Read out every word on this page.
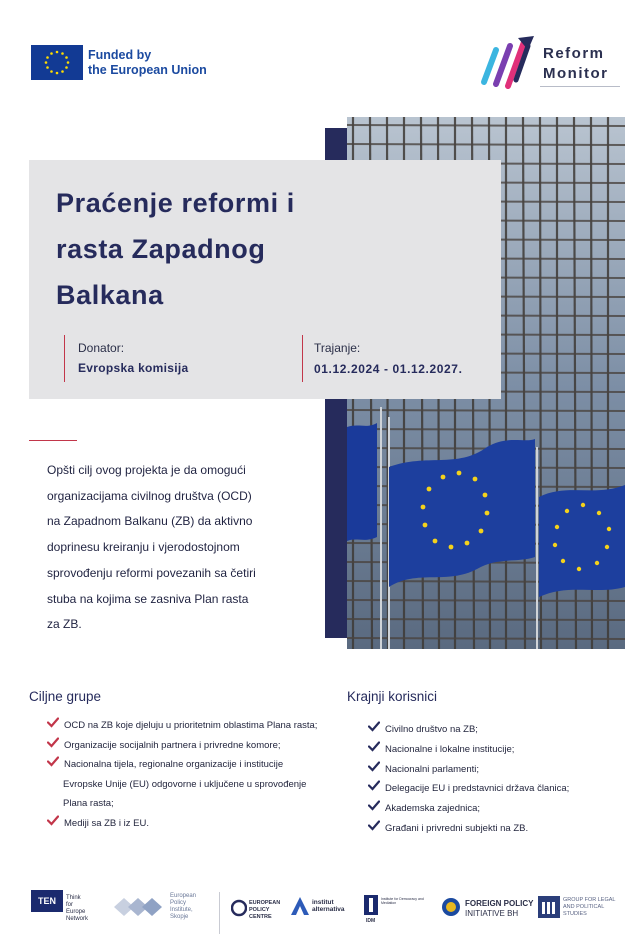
Funded by
the European Union
Reform
Monitor
Praćenje reformi i
rasta Zapadnog
Balkana
Donator:
Evropska komisija
Trajanje:
01.12.2024 - 01.12.2027.
Opšti cilj ovog projekta je da omogući
organizacijama civilnog društva (OCD)
na Zapadnom Balkanu (ZB) da aktivno
doprinesu kreiranju i vjerodostojnom
sprovođenju reformi povezanih sa četiri
stuba na kojima se zasniva Plan rasta
za ZB.
Ciljne grupe
OCD na ZB koje djeluju u prioritetnim oblastima Plana rasta;
Organizacije socijalnih partnera i privredne komore;
Nacionalna tijela, regionalne organizacije i institucije
Evropske Unije (EU) odgovorne i uključene u sprovođenje
Plana rasta;
Mediji sa ZB i iz EU.
Krajnji korisnici
Civilno društvo na ZB;
Nacionalne i lokalne institucije;
Nacionalni parlamenti;
Delegacije EU i predstavnici država članica;
Akademska zajednica;
Građani i privredni subjekti na ZB.
TEN	Think
for
Europe
Network
European
Policy
Institute,
Skopje
EUROPEAN
POLICY
CENTRE
institut
alternativa
IDM
Institute for Democracy and Mediation	FOREIGN POLICY
INITIATIVE BH
GROUP FOR LEGAL
AND POLITICAL
STUDIES
